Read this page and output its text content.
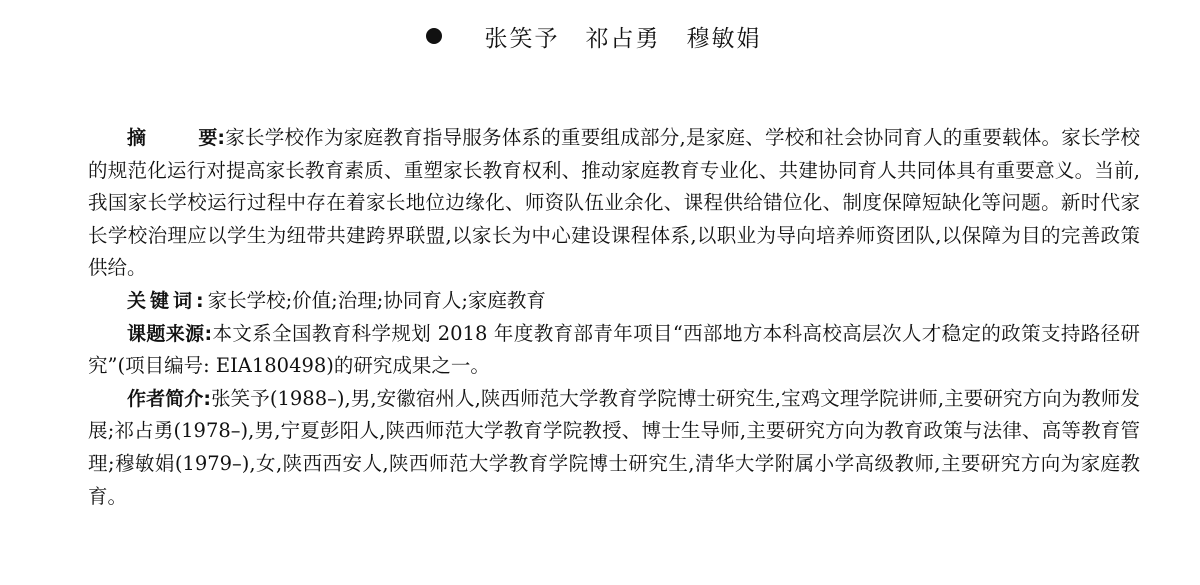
张笑予 祁占勇 穆敏娟

摘	要: 家长学校作为家庭教育指导服务体系的重要组成部分,是家庭、学校和社会协同育人的重要载体。家长学校的规范化运行对提高家长教育素质、重塑家长教育权利、推动家庭教育专业化、共建协同育人共同体具有重要意义。当前,我国家长学校运行过程中存在着家长地位边缘化、师资队伍业余化、课程供给错位化、制度保障短缺化等问题。新时代家长学校治理应以学生为纽带共建跨界联盟,以家长为中心建设课程体系,以职业为导向培养师资团队,以保障为目的完善政策供给。

关键词:家长学校;价值;治理;协同育人;家庭教育

课题来源:本文系全国教育科学规划 2018 年度教育部青年项目“西部地方本科高校高层次人才稳定的政策支持路径研究”(项目编号: EIA180498)的研究成果之一。

作者简介:张笑予(1988–),男,安徽宿州人,陕西师范大学教育学院博士研究生,宝鸡文理学院讲师,主要研究方向为教师发展;祁占勇(1978–),男,宁夏彭阳人,陕西师范大学教育学院教授、博士生导师,主要研究方向为教育政策与法律、高等教育管理;穆敏娟(1979–),女,陕西西安人,陕西师范大学教育学院博士研究生,清华大学附属小学高级教师,主要研究方向为家庭教育。
